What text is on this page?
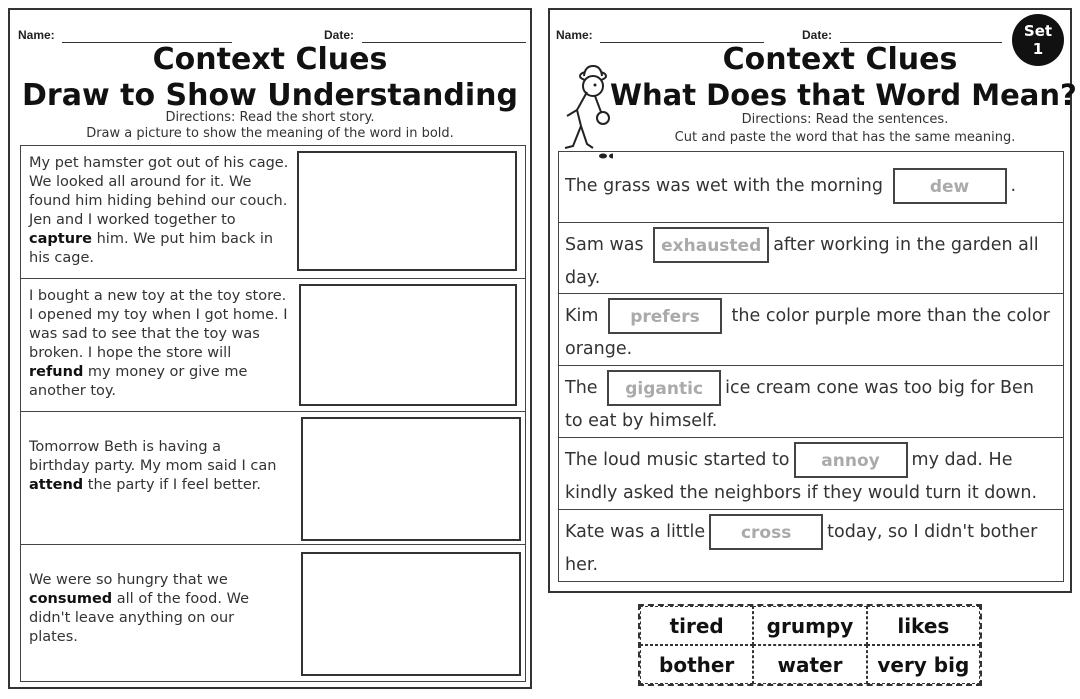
Name:	Date:
Context Clues
Draw to Show Understanding
Directions: Read the short story.
Draw a picture to show the meaning of the word in bold.
My pet hamster got out of his cage. We looked all around for it. We found him hiding behind our couch. Jen and I worked together to capture him. We put him back in his cage.
I bought a new toy at the toy store. I opened my toy when I got home. I was sad to see that the toy was broken. I hope the store will refund my money or give me another toy.
Tomorrow Beth is having a birthday party. My mom said I can attend the party if I feel better.
We were so hungry that we consumed all of the food. We didn't leave anything on our plates.
Name:	Date:
Context Clues
What Does that Word Mean?
Directions: Read the sentences.
Cut and paste the word that has the same meaning.
The grass was wet with the morning	dew .
Sam was exhausted after working in the garden all day.
Kim prefers the color purple more than the color orange.
The gigantic ice cream cone was too big for Ben to eat by himself.
The loud music started to annoy my dad. He kindly asked the neighbors if they would turn it down.
Kate was a little cross today, so I didn't bother her.
Set
1
tired	grumpy	likes
bother	water	very big
